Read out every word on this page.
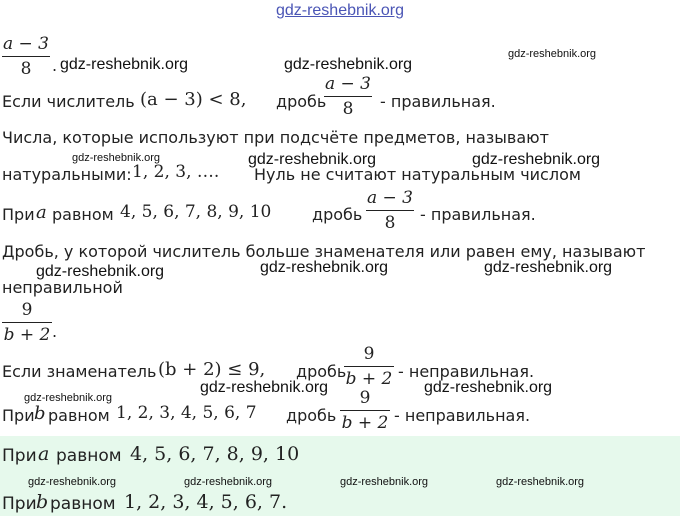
gdz-reshebnik.org
a − 3
8	.
Если числитель (a − 3) < 8, дробь
a − 3
8	- правильная.
Числа, которые используют при подсчёте предметов, называют
натуральными: 1, 2, 3, …. Нуль не считают натуральным числом
При a равном 4, 5, 6, 7, 8, 9, 10	дробь
a − 3
8	- правильная.
Дробь, у которой числитель больше знаменателя или равен ему, называют
неправильной
9
b + 2 .
Если знаменатель (b + 2) ≤ 9, дробь
9
b + 2 - неправильная.
При b равном 1, 2, 3, 4, 5, 6, 7 дробь
9
b + 2 - неправильная.
При a равном 4, 5, 6, 7, 8, 9, 10
При b равном 1, 2, 3, 4, 5, 6, 7.
gdz-reshebnik.org	gdz-reshebnik.org
gdz-reshebnik.org
gdz-reshebnik.org	gdz-reshebnik.org	gdz-reshebnik.org
gdz-reshebnik.org	gdz-reshebnik.org	gdz-reshebnik.org
gdz-reshebnik.org
gdz-reshebnik.org	gdz-reshebnik.org
gdz-reshebnik.org	gdz-reshebnik.org	gdz-reshebnik.org	gdz-reshebnik.org
